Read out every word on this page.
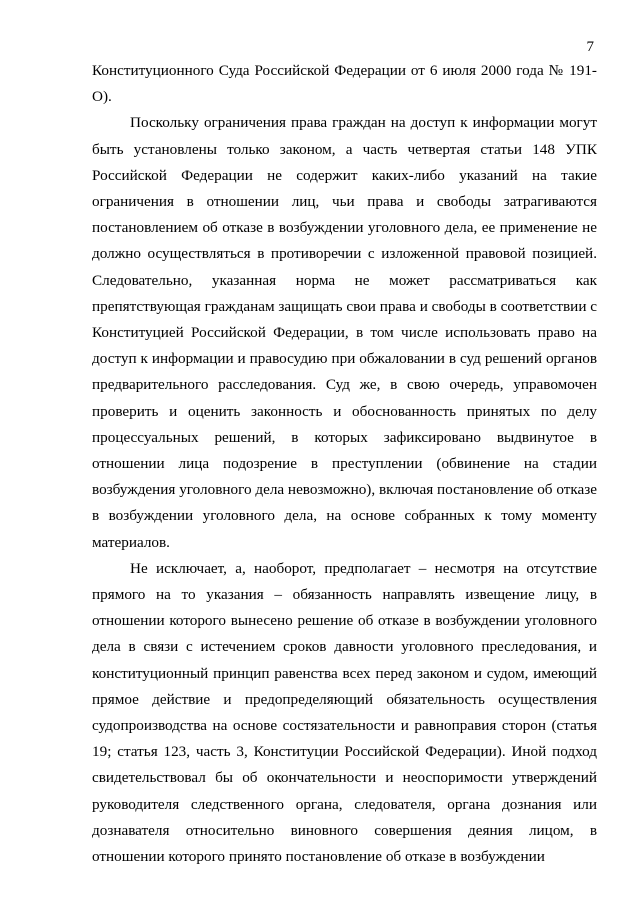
7

Конституционного Суда Российской Федерации от 6 июля 2000 года № 191-О).

Поскольку ограничения права граждан на доступ к информации могут быть установлены только законом, а часть четвертая статьи 148 УПК Российской Федерации не содержит каких-либо указаний на такие ограничения в отношении лиц, чьи права и свободы затрагиваются постановлением об отказе в возбуждении уголовного дела, ее применение не должно осуществляться в противоречии с изложенной правовой позицией. Следовательно, указанная норма не может рассматриваться как препятствующая гражданам защищать свои права и свободы в соответствии с Конституцией Российской Федерации, в том числе использовать право на доступ к информации и правосудию при обжаловании в суд решений органов предварительного расследования. Суд же, в свою очередь, управомочен проверить и оценить законность и обоснованность принятых по делу процессуальных решений, в которых зафиксировано выдвинутое в отношении лица подозрение в преступлении (обвинение на стадии возбуждения уголовного дела невозможно), включая постановление об отказе в возбуждении уголовного дела, на основе собранных к тому моменту материалов.

Не исключает, а, наоборот, предполагает – несмотря на отсутствие прямого на то указания – обязанность направлять извещение лицу, в отношении которого вынесено решение об отказе в возбуждении уголовного дела в связи с истечением сроков давности уголовного преследования, и конституционный принцип равенства всех перед законом и судом, имеющий прямое действие и предопределяющий обязательность осуществления судопроизводства на основе состязательности и равноправия сторон (статья 19; статья 123, часть 3, Конституции Российской Федерации). Иной подход свидетельствовал бы об окончательности и неоспоримости утверждений руководителя следственного органа, следователя, органа дознания или дознавателя относительно виновного совершения деяния лицом, в отношении которого принято постановление об отказе в возбуждении
